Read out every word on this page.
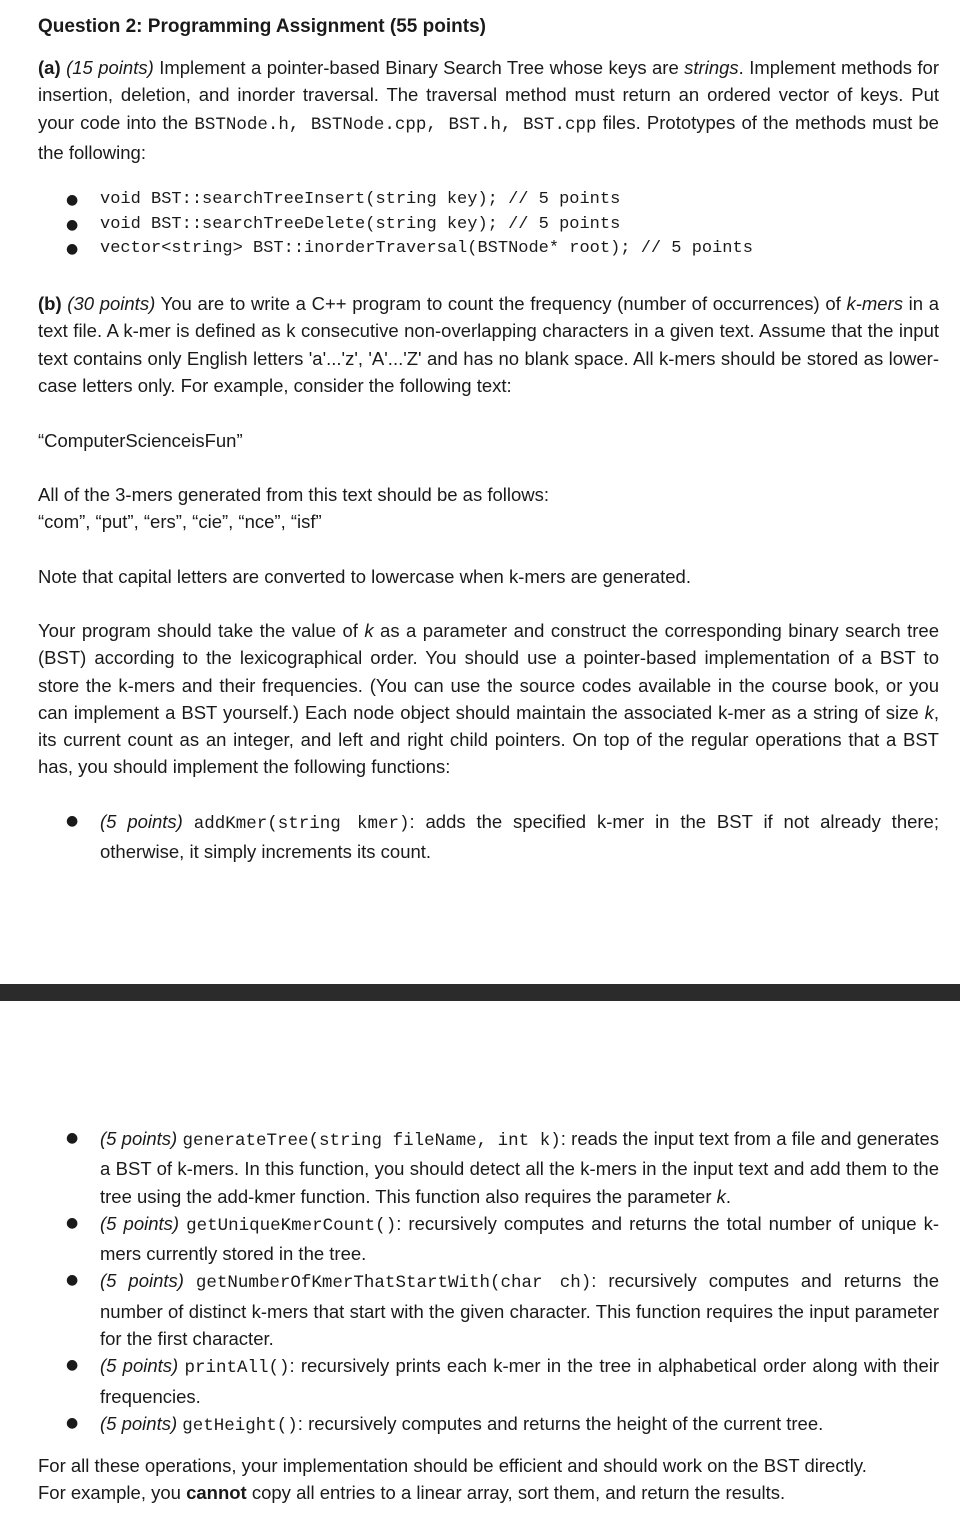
Question 2: Programming Assignment (55 points)

(a) (15 points) Implement a pointer-based Binary Search Tree whose keys are strings. Implement methods for insertion, deletion, and inorder traversal. The traversal method must return an ordered vector of keys. Put your code into the BSTNode.h, BSTNode.cpp, BST.h, BST.cpp files. Prototypes of the methods must be the following:

● void BST::searchTreeInsert(string key); // 5 points
● void BST::searchTreeDelete(string key); // 5 points
● vector<string> BST::inorderTraversal(BSTNode* root); // 5 points

(b) (30 points) You are to write a C++ program to count the frequency (number of occurrences) of k-mers in a text file. A k-mer is defined as k consecutive non-overlapping characters in a given text. Assume that the input text contains only English letters 'a'...'z', 'A'...'Z' and has no blank space. All k-mers should be stored as lower-case letters only. For example, consider the following text:

“ComputerScienceisFun”

All of the 3-mers generated from this text should be as follows:

“com”, “put”, “ers”, “cie”, “nce”, “isf”

Note that capital letters are converted to lowercase when k-mers are generated.

Your program should take the value of k as a parameter and construct the corresponding binary search tree (BST) according to the lexicographical order. You should use a pointer-based implementation of a BST to store the k-mers and their frequencies. (You can use the source codes available in the course book, or you can implement a BST yourself.) Each node object should maintain the associated k-mer as a string of size k, its current count as an integer, and left and right child pointers. On top of the regular operations that a BST has, you should implement the following functions:

● (5 points) addKmer(string kmer): adds the specified k-mer in the BST if not already there; otherwise, it simply increments its count.
● (5 points) generateTree(string fileName, int k): reads the input text from a file and generates a BST of k-mers. In this function, you should detect all the k-mers in the input text and add them to the tree using the add-kmer function. This function also requires the parameter k.
● (5 points) getUniqueKmerCount(): recursively computes and returns the total number of unique k-mers currently stored in the tree.
● (5 points) getNumberOfKmerThatStartWith(char ch): recursively computes and returns the number of distinct k-mers that start with the given character. This function requires the input parameter for the first character.
● (5 points) printAll(): recursively prints each k-mer in the tree in alphabetical order along with their frequencies.
● (5 points) getHeight(): recursively computes and returns the height of the current tree.

For all these operations, your implementation should be efficient and should work on the BST directly.

For example, you cannot copy all entries to a linear array, sort them, and return the results.
